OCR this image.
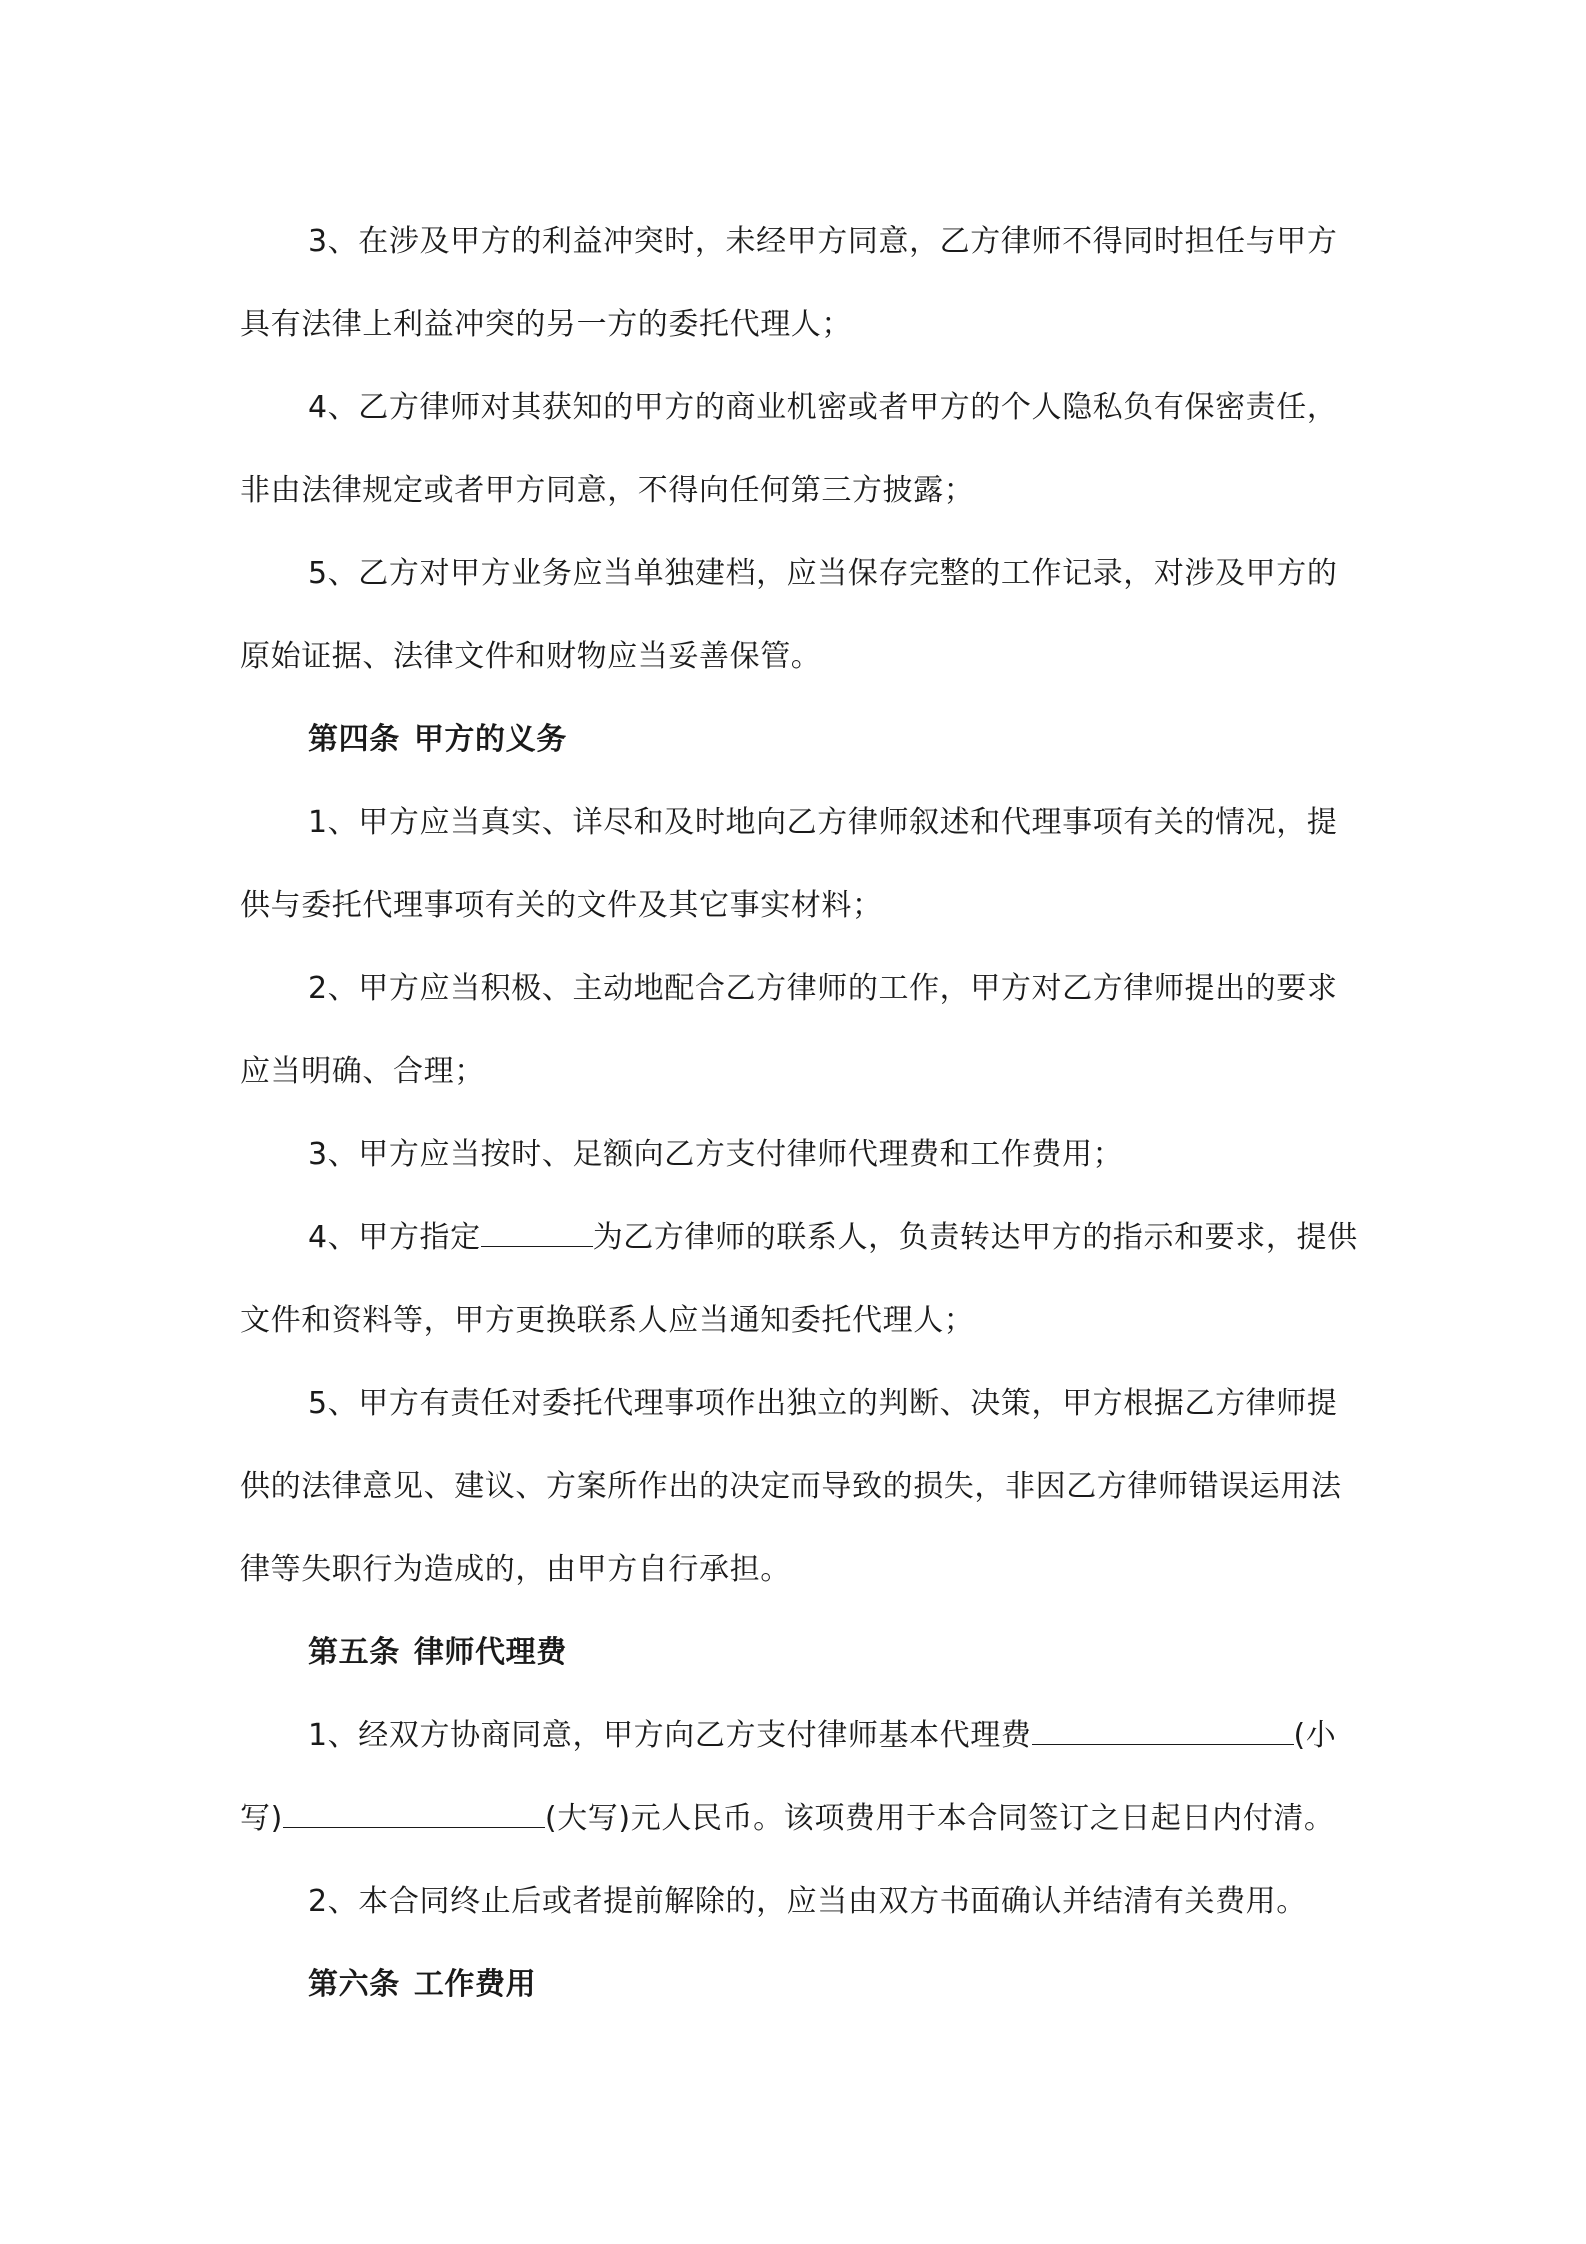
3、在涉及甲方的利益冲突时，未经甲方同意，乙方律师不得同时担任与甲方具有法律上利益冲突的另一方的委托代理人；

4、乙方律师对其获知的甲方的商业机密或者甲方的个人隐私负有保密责任，非由法律规定或者甲方同意，不得向任何第三方披露；

5、乙方对甲方业务应当单独建档，应当保存完整的工作记录，对涉及甲方的原始证据、法律文件和财物应当妥善保管。

第四条 甲方的义务

1、甲方应当真实、详尽和及时地向乙方律师叙述和代理事项有关的情况，提供与委托代理事项有关的文件及其它事实材料；

2、甲方应当积极、主动地配合乙方律师的工作，甲方对乙方律师提出的要求应当明确、合理；

3、甲方应当按时、足额向乙方支付律师代理费和工作费用；

4、甲方指定	为乙方律师的联系人，负责转达甲方的指示和要求，提供文件和资料等，甲方更换联系人应当通知委托代理人；

5、甲方有责任对委托代理事项作出独立的判断、决策，甲方根据乙方律师提供的法律意见、建议、方案所作出的决定而导致的损失，非因乙方律师错误运用法律等失职行为造成的，由甲方自行承担。

第五条 律师代理费

1、经双方协商同意，甲方向乙方支付律师基本代理费	(小写)	(大写)元人民币。该项费用于本合同签订之日起日内付清。

2、本合同终止后或者提前解除的，应当由双方书面确认并结清有关费用。

第六条 工作费用
